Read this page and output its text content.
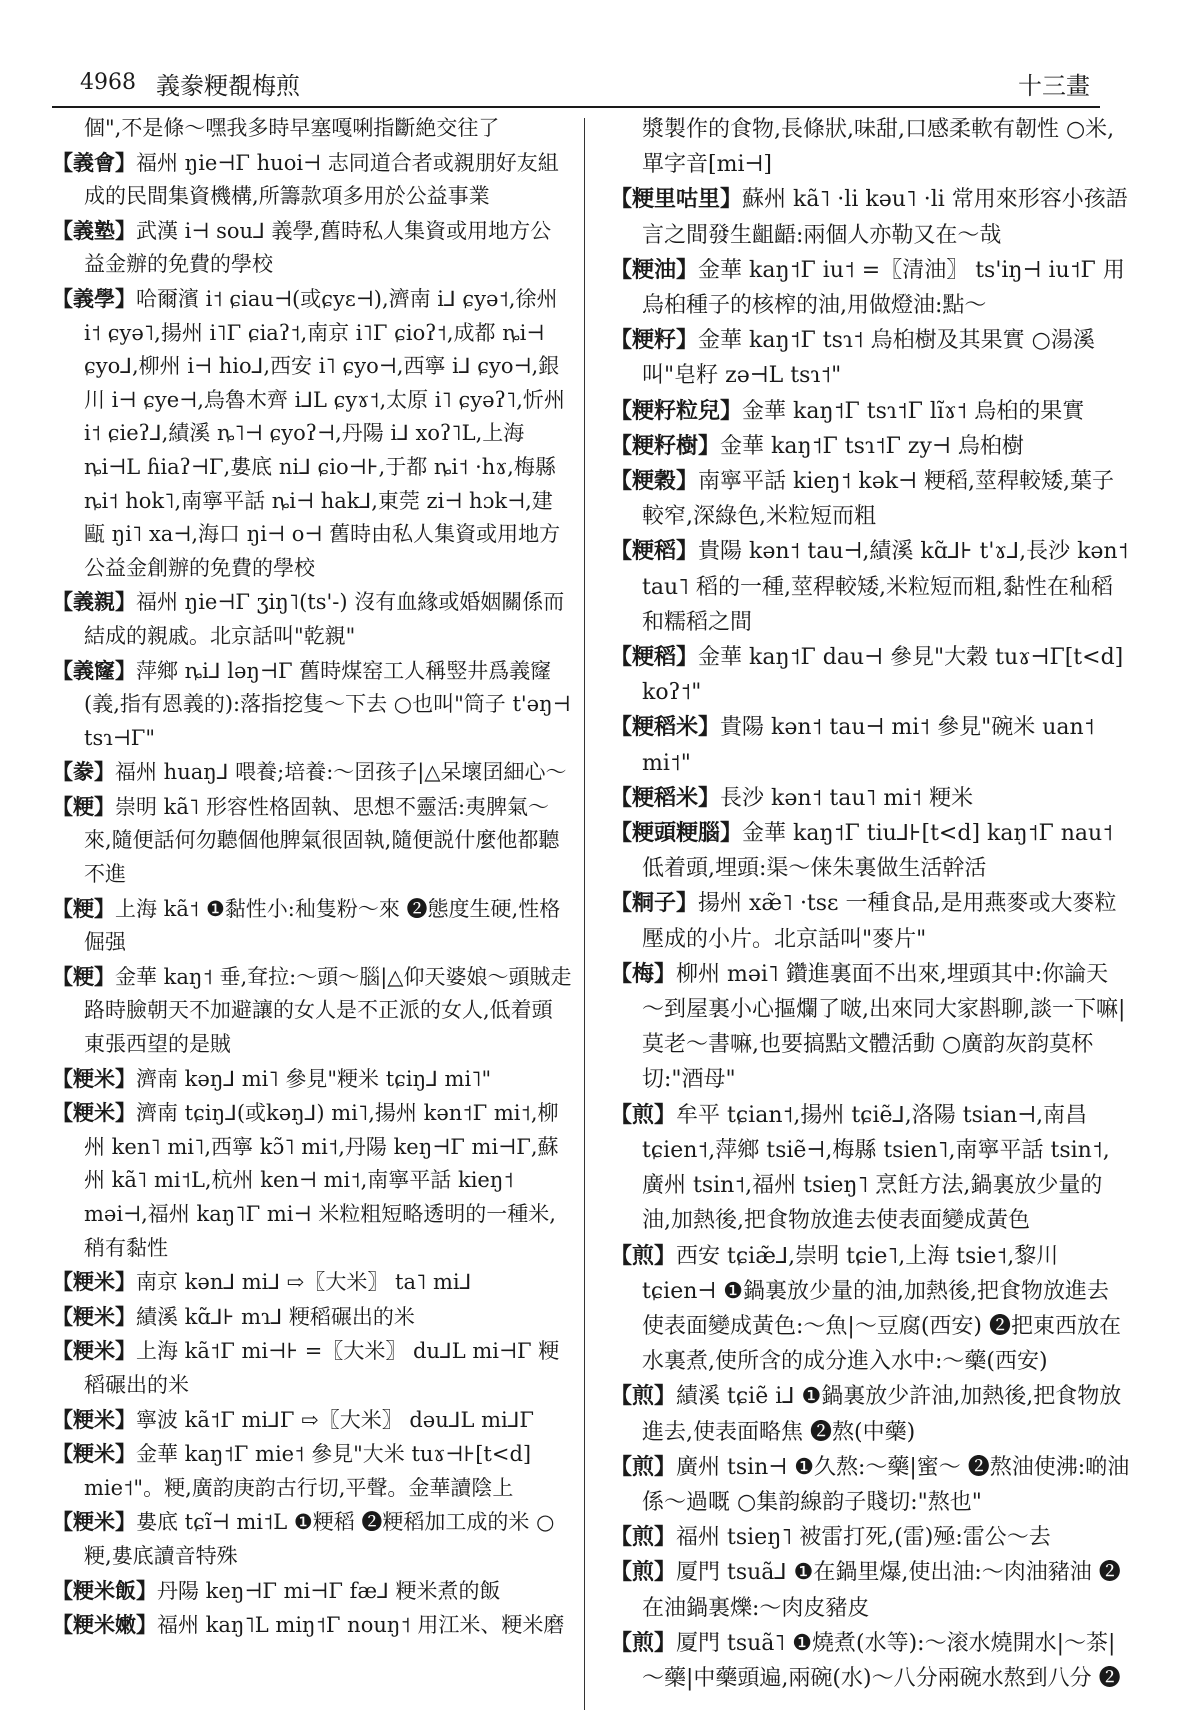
4968 義豢粳覩梅煎	十三畫

個",不是條～嘿我多時早塞嘎唎指斷絶交往了

【義會】福州 ŋie⊣Γ huoi⊣ 志同道合者或親朋好友組成的民間集資機構,所籌款項多用於公益事業

【義塾】武漢 i⊣ sou⅃ 義學,舊時私人集資或用地方公益金辦的免費的學校

【義學】哈爾濱 i˦ ɕiau⊣(或ɕyɛ⊣),濟南 i⅃ ɕyə˦,徐州 i˦ ɕyə˥,揚州 i˥Γ ɕiaʔ˦,南京 i˥Γ ɕioʔ˦,成都 ȵi⊣ ɕyo⅃,柳州 i⊣ hio⅃,西安 i˥ ɕyo⊣,西寧 i⅃ ɕyo⊣,銀川 i⊣ ɕye⊣,烏魯木齊 i⅃L ɕyɤ˦,太原 i˥ ɕyəʔ˥,忻州 i˦ ɕieʔ⅃,績溪 ȵ˥⊣ ɕyoʔ⊣,丹陽 i⅃ xoʔ˥L,上海 ȵi⊣L ɦiaʔ⊣Γ,婁底 ni⅃ ɕio⊣⊦,于都 ȵi˦ ·hɤ,梅縣 ȵi˦ hok˥,南寧平話 ȵi⊣ hak⅃,東莞 zi⊣ hɔk⊣,建甌 ŋi˥ xa⊣,海口 ŋi⊣ o⊣ 舊時由私人集資或用地方公益金創辦的免費的學校

【義親】福州 ŋie⊣Γ ʒiŋ˥(ts'-) 沒有血緣或婚姻關係而結成的親戚。北京話叫"乾親"

【義窿】萍鄉 ȵi⅃ ləŋ⊣Γ 舊時煤窑工人稱竪井爲義窿(義,指有恩義的):落指挖隻～下去 ○也叫"筒子 t'əŋ⊣ tsɿ⊣Γ"

【豢】福州 huaŋ⅃ 喂養;培養:～囝孩子|△呆壞囝細心～

【粳】崇明 kã˥ 形容性格固執、思想不靈活:夷脾氣～來,隨便話何勿聽個他脾氣很固執,隨便説什麼他都聽不進

【粳】上海 kã˦ ❶黏性小:秈隻粉～來 ❷態度生硬,性格倔强

【粳】金華 kaŋ˦ 垂,耷拉:～頭～腦|△仰天婆娘～頭賊走路時臉朝天不加避讓的女人是不正派的女人,低着頭東張西望的是賊

【粳米】濟南 kəŋ⅃ mi˥ 參見"粳米 tɕiŋ⅃ mi˥"

【粳米】濟南 tɕiŋ⅃(或kəŋ⅃) mi˥,揚州 kən˦Γ mi˦,柳州 ken˥ mi˥,西寧 kɔ̃˥ mi˦,丹陽 keŋ⊣Γ mi⊣Γ,蘇州 kã˥ mi˦L,杭州 ken⊣ mi˦,南寧平話 kieŋ˦ məi⊣,福州 kaŋ˥Γ mi⊣ 米粒粗短略透明的一種米,稍有黏性

【粳米】南京 kən⅃ mi⅃ ⇨〖大米〗 ta˥ mi⅃

【粳米】績溪 kɑ̃⅃⊦ mɿ⅃ 粳稻碾出的米

【粳米】上海 kã˦Γ mi⊣⊦ =〖大米〗 du⅃L mi⊣Γ 粳稻碾出的米

【粳米】寧波 kã˦Γ mi⅃Γ ⇨〖大米〗 dəu⅃L mi⅃Γ

【粳米】金華 kaŋ˦Γ mie˦ 參見"大米 tuɤ⊣⊦[t<d] mie˦"。粳,廣韵庚韵古行切,平聲。金華讀陰上

【粳米】婁底 tɕĩ⊣ mi˦L ❶粳稻 ❷粳稻加工成的米 ○粳,婁底讀音特殊

【粳米飯】丹陽 keŋ⊣Γ mi⊣Γ fæ⅃ 粳米煮的飯

【粳米嫩】福州 kaŋ˥L miŋ˦Γ nouŋ˦ 用江米、粳米磨

漿製作的食物,長條狀,味甜,口感柔軟有韌性 ○米,單字音[mi⊣]

【粳里咕里】蘇州 kã˥ ·li kəu˥ ·li 常用來形容小孩語言之間發生齟齬:兩個人亦勒又在～哉

【粳油】金華 kaŋ˦Γ iu˦ =〖清油〗 ts'iŋ⊣ iu˦Γ 用烏桕種子的核榨的油,用做燈油:點～

【粳籽】金華 kaŋ˦Γ tsɿ˦ 烏桕樹及其果實 ○湯溪叫"皂籽 zə⊣L tsɿ˦"

【粳籽粒兒】金華 kaŋ˦Γ tsɿ˦Γ lĩɤ˦ 烏桕的果實

【粳籽樹】金華 kaŋ˦Γ tsɿ˦Γ zy⊣ 烏桕樹

【粳穀】南寧平話 kieŋ˦ kək⊣ 粳稻,莖稈較矮,葉子較窄,深綠色,米粒短而粗

【粳稻】貴陽 kən˦ tau⊣,績溪 kɑ̃⅃⊦ t'ɤ⅃,長沙 kən˦ tau˥ 稻的一種,莖稈較矮,米粒短而粗,黏性在秈稻和糯稻之間

【粳稻】金華 kaŋ˦Γ dau⊣ 參見"大穀 tuɤ⊣Γ[t<d] koʔ˦"

【粳稻米】貴陽 kən˦ tau⊣ mi˦ 參見"碗米 uan˦ mi˦"

【粳稻米】長沙 kən˦ tau˥ mi˦ 粳米

【粳頭粳腦】金華 kaŋ˦Γ tiu⅃⊦[t<d] kaŋ˦Γ nau˦ 低着頭,埋頭:渠～俫朱裏做生活幹活

【粡子】揚州 xæ̃˥ ·tsɛ 一種食品,是用燕麥或大麥粒壓成的小片。北京話叫"麥片"

【梅】柳州 məi˥ 鑽進裏面不出來,埋頭其中:你論天～到屋裏小心摳爛了啵,出來同大家斟聊,談一下嘛|莫老～書嘛,也要搞點文體活動 ○廣韵灰韵莫杯切:"酒母"

【煎】牟平 tɕian˦,揚州 tɕiẽ⅃,洛陽 tsian⊣,南昌 tɕien˦,萍鄉 tsiẽ⊣,梅縣 tsien˥,南寧平話 tsin˦,廣州 tsin˦,福州 tsieŋ˥ 烹飪方法,鍋裏放少量的油,加熱後,把食物放進去使表面變成黃色

【煎】西安 tɕiæ̃⅃,崇明 tɕie˥,上海 tsie˦,黎川 tɕien⊣ ❶鍋裏放少量的油,加熱後,把食物放進去使表面變成黃色:～魚|～豆腐(西安) ❷把東西放在水裏煮,使所含的成分進入水中:～藥(西安)

【煎】績溪 tɕiẽ i⅃ ❶鍋裏放少許油,加熱後,把食物放進去,使表面略焦 ❷熬(中藥)

【煎】廣州 tsin⊣ ❶久熬:～藥|蜜～ ❷熬油使沸:啲油係～過嘅 ○集韵線韵子賤切:"熬也"

【煎】福州 tsieŋ˥ 被雷打死,(雷)殛:雷公～去

【煎】厦門 tsuã⅃ ❶在鍋里爆,使出油:～肉油豬油 ❷在油鍋裏爍:～肉皮豬皮

【煎】厦門 tsuã˥ ❶燒煮(水等):～滚水燒開水|～茶|～藥|中藥頭遍,兩碗(水)～八分兩碗水熬到八分 ❷
